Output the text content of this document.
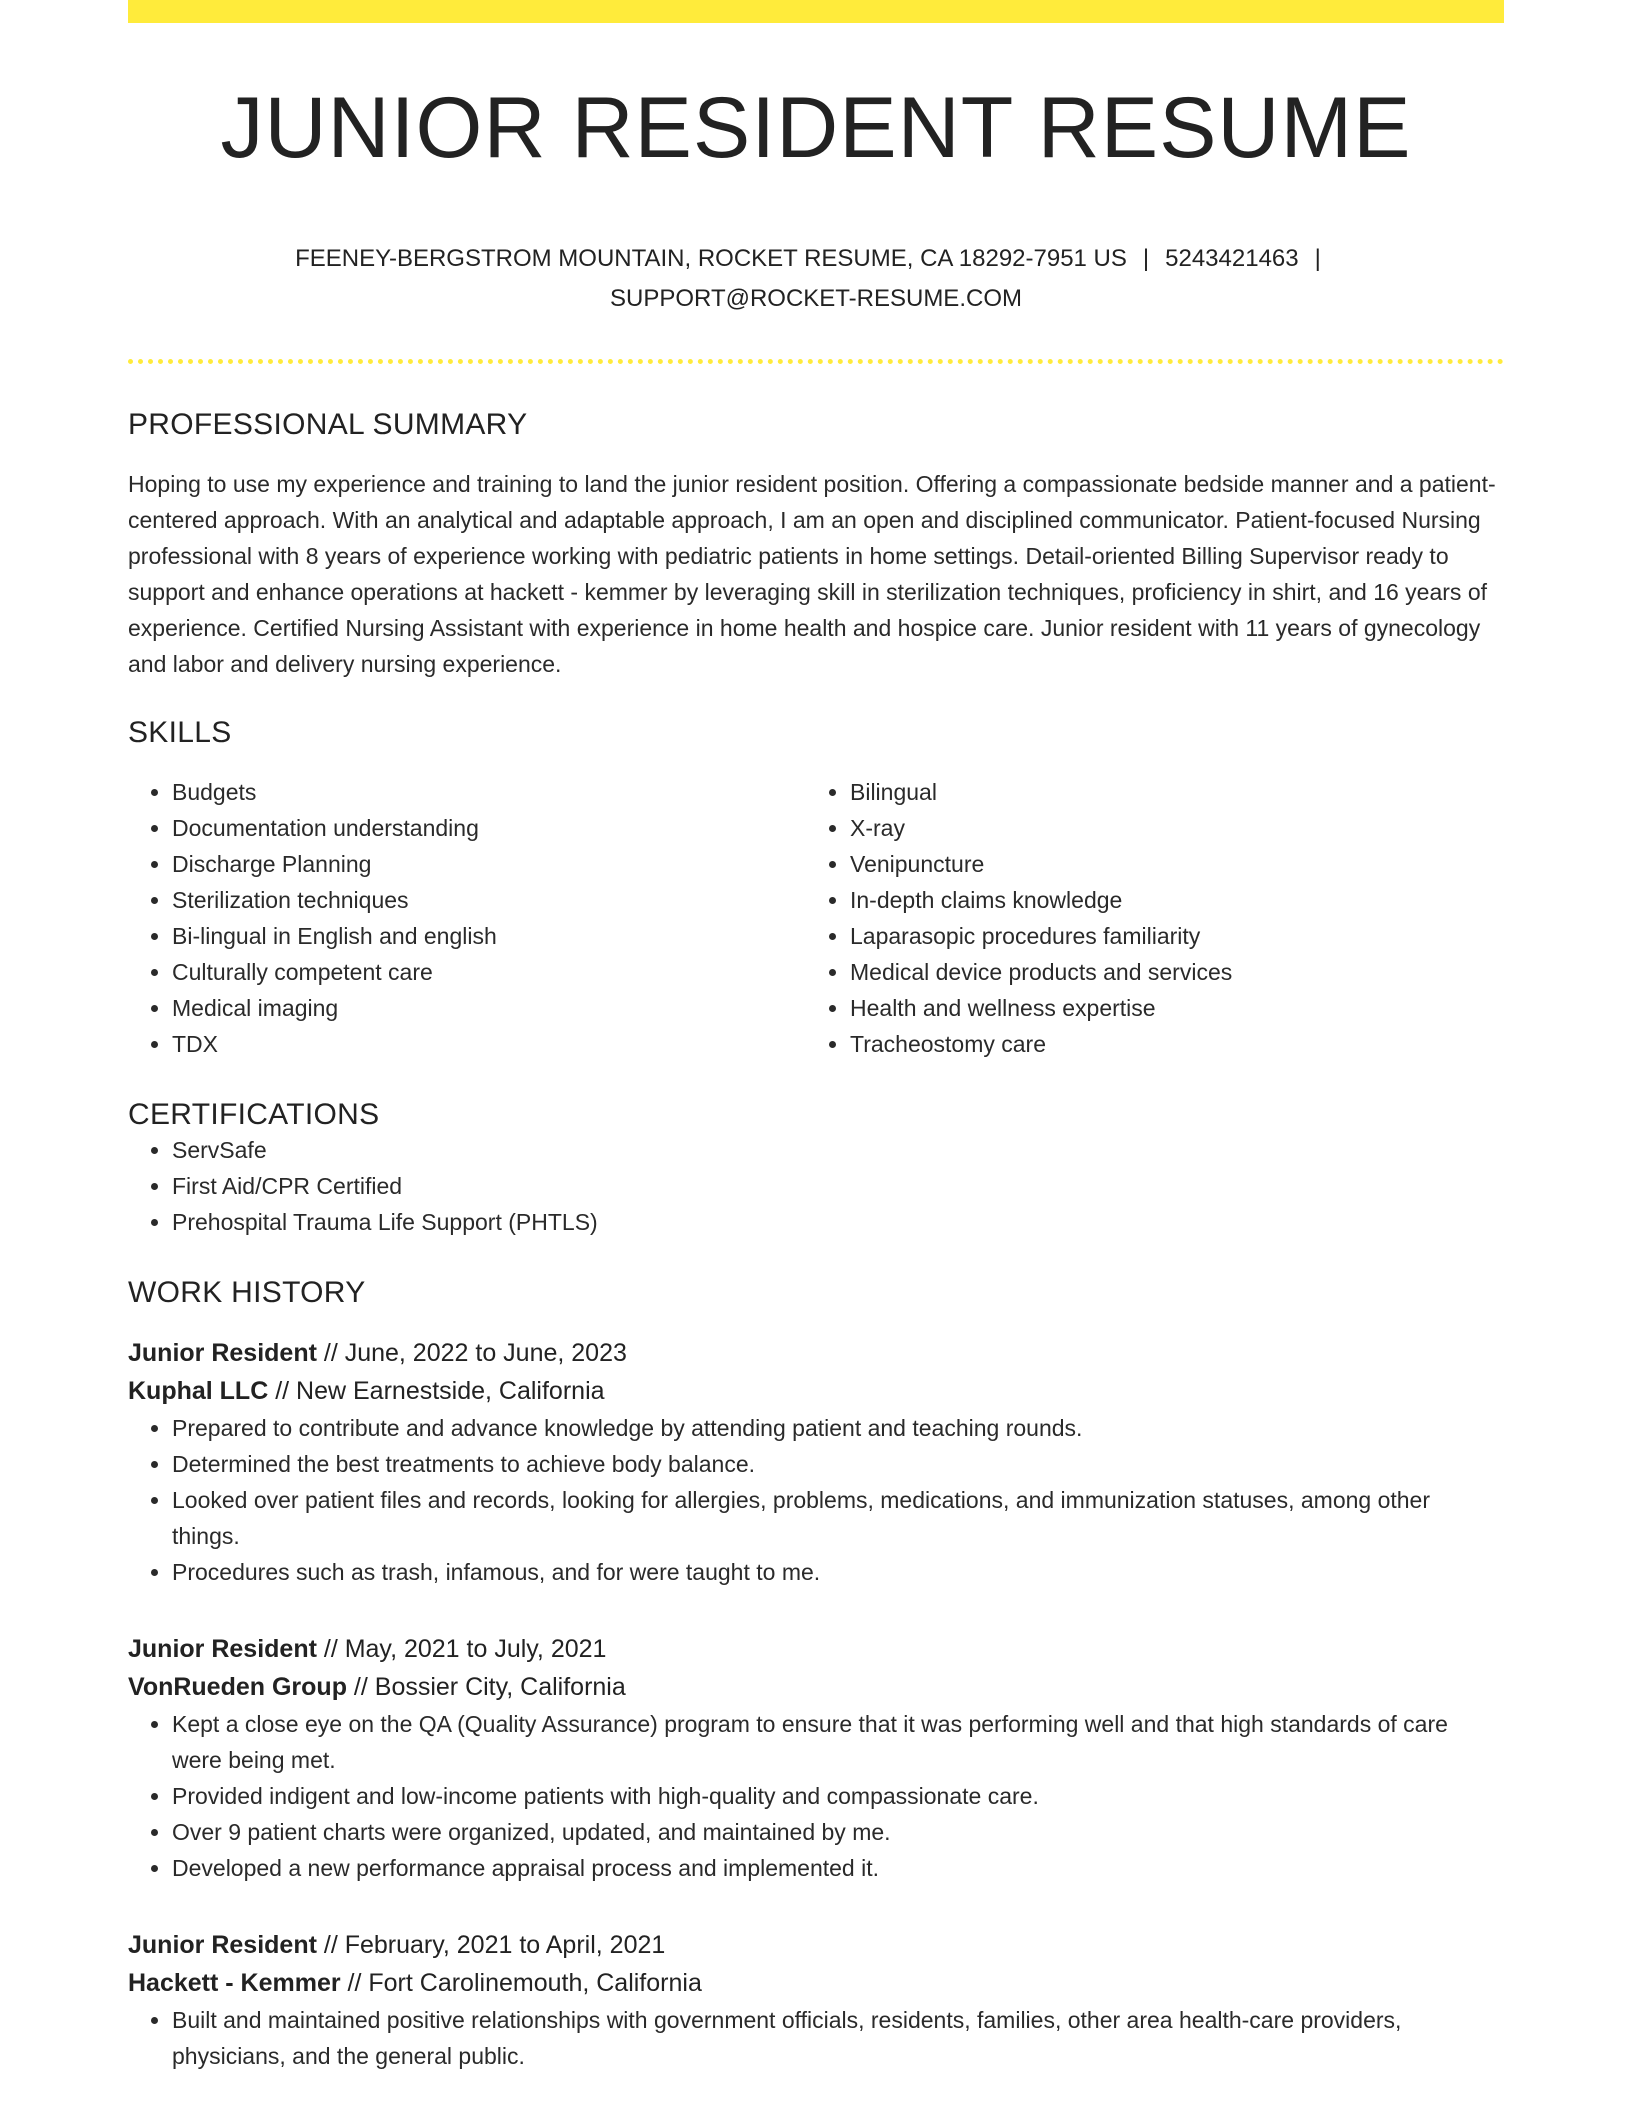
JUNIOR RESIDENT RESUME
FEENEY-BERGSTROM MOUNTAIN, ROCKET RESUME, CA 18292-7951 US | 5243421463 |
SUPPORT@ROCKET-RESUME.COM
PROFESSIONAL SUMMARY
Hoping to use my experience and training to land the junior resident position. Offering a compassionate bedside manner and a patient-centered approach. With an analytical and adaptable approach, I am an open and disciplined communicator. Patient-focused Nursing professional with 8 years of experience working with pediatric patients in home settings. Detail-oriented Billing Supervisor ready to support and enhance operations at hackett - kemmer by leveraging skill in sterilization techniques, proficiency in shirt, and 16 years of experience. Certified Nursing Assistant with experience in home health and hospice care. Junior resident with 11 years of gynecology and labor and delivery nursing experience.
SKILLS
• Budgets
• Documentation understanding
• Discharge Planning
• Sterilization techniques
• Bi-lingual in English and english
• Culturally competent care
• Medical imaging
• TDX
• Bilingual
• X-ray
• Venipuncture
• In-depth claims knowledge
• Laparasopic procedures familiarity
• Medical device products and services
• Health and wellness expertise
• Tracheostomy care
CERTIFICATIONS
• ServSafe
• First Aid/CPR Certified
• Prehospital Trauma Life Support (PHTLS)
WORK HISTORY
Junior Resident // June, 2022 to June, 2023
Kuphal LLC // New Earnestside, California
• Prepared to contribute and advance knowledge by attending patient and teaching rounds.
• Determined the best treatments to achieve body balance.
• Looked over patient files and records, looking for allergies, problems, medications, and immunization statuses, among other things.
• Procedures such as trash, infamous, and for were taught to me.
Junior Resident // May, 2021 to July, 2021
VonRueden Group // Bossier City, California
• Kept a close eye on the QA (Quality Assurance) program to ensure that it was performing well and that high standards of care were being met.
• Provided indigent and low-income patients with high-quality and compassionate care.
• Over 9 patient charts were organized, updated, and maintained by me.
• Developed a new performance appraisal process and implemented it.
Junior Resident // February, 2021 to April, 2021
Hackett - Kemmer // Fort Carolinemouth, California
• Built and maintained positive relationships with government officials, residents, families, other area health-care providers, physicians, and the general public.
